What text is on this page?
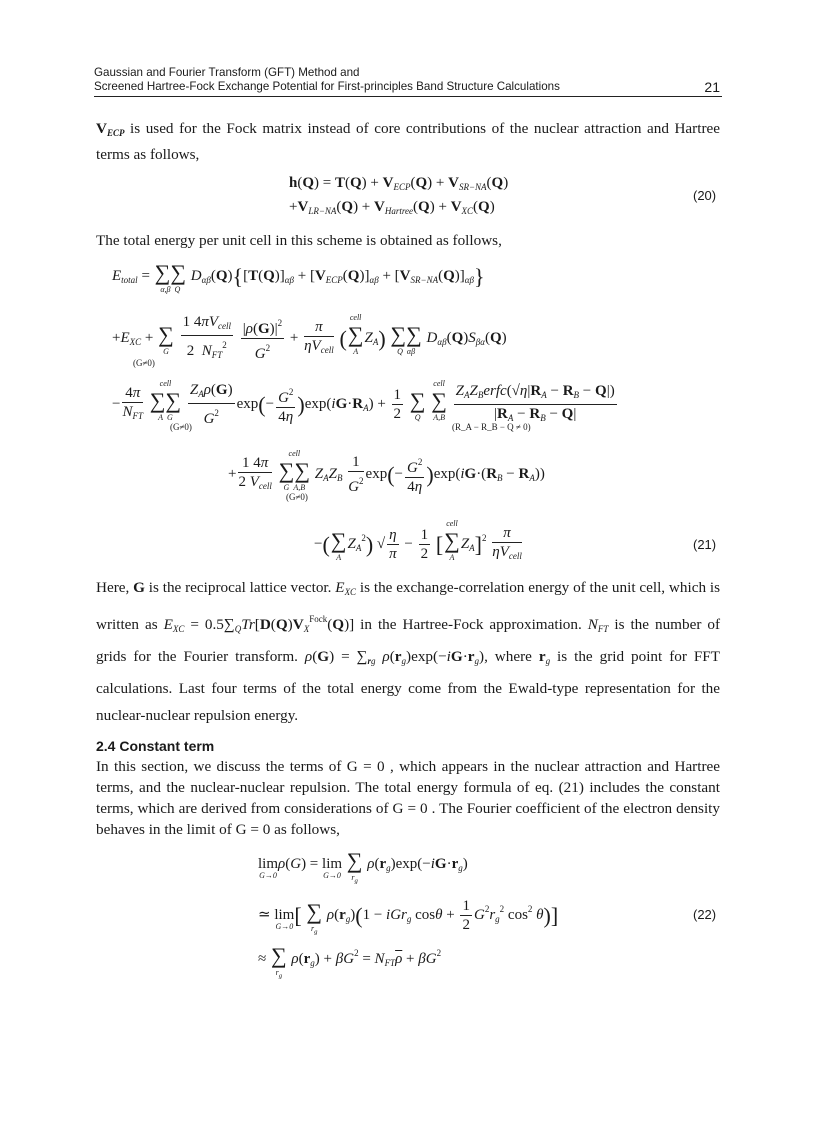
Gaussian and Fourier Transform (GFT) Method and
Screened Hartree-Fock Exchange Potential for First-principles Band Structure Calculations	21
$V_{ECP}$ is used for the Fock matrix instead of core contributions of the nuclear attraction and Hartree terms as follows,
$h(Q) = T(Q) + V_{ECP}(Q) + V_{SR-NA}(Q)$
$+V_{LR-NA}(Q) + V_{Hartree}(Q) + V_{XC}(Q)$
(20)
The total energy per unit cell in this scheme is obtained as follows,
$E_{total}$ = ∑∑
α,β  Q
$D_{\alpha\beta}(Q)\{[T(Q)]_{\alpha\beta} + [V_{ECP}(Q)]_{\alpha\beta} + [V_{SR-NA}(Q)]_{\alpha\beta}\}$
$+E_{XC}$ + ∑
G
$\frac{1 4\pi V_{cell}}{2 N_{FT}^2}$
$\frac{|\rho(G)|^2}{G^2} + \frac{\pi}{\eta V_{cell}}$ (
cell
∑
A
$Z_A$) ∑∑
Q  αβ
$D_{\alpha\beta}(Q)S_{\beta\alpha}(Q)$
(G≠0)
− $\frac{4\pi}{N_{FT}}$

cell
∑∑
A  G
	$\frac{Z_A\rho(G)}{G^2} \exp(- \frac{G^2}{4\eta} )\exp(iG\cdot R_A) + \frac{1}{2}$
∑
Q

cell
∑
A,B
$\frac{Z_AZ_Berfc(√\eta|R_A - R_B - Q|)}{|R_A - R_B - Q|}$
(G≠0)	(R_A − R_B − Q ≠ 0)
+ $\frac{1 4\pi}{2 V_{cell}}$

cell
∑∑
G  A,B
$Z_AZ_B \frac{1}{G^2} \exp(- \frac{G^2}{4\eta} )\exp(iG\cdot(R_B - R_A))$
(G≠0)
−( ∑
A
$Z_A^2$) √ $\frac{\eta}{\pi} - \frac{1}{2}$ [
cell
∑
A
$Z_A]^2 \frac{\pi}{\eta V_{cell}}$	(21)
Here, G is the reciprocal lattice vector. $E_{XC}$ is the exchange-correlation energy of the unit cell, which is written as $E_{XC} = 0.5\sum_QTr[D(Q)V_X^{Fock}(Q)]$ in the Hartree-Fock approximation. $N_{FT}$ is the number of grids for the Fourier transform. $\rho(G) = \sum_{rg}$ $\rho(r_g)\exp(-iG\cdot r_g)$, where $r_g$ is the grid point for FFT calculations. Last four terms of the total energy come from the Ewald-type representation for the nuclear-nuclear repulsion energy.
2.4 Constant term
In this section, we discuss the terms of G = 0 , which appears in the nuclear attraction and Hartree terms, and the nuclear-nuclear repulsion. The total energy formula of eq. (21) includes the constant terms, which are derived from considerations of G = 0 . The Fourier coefficient of the electron density behaves in the limit of G = 0 as follows,
lim
G→0
ρ(G) = lim
G→0

∑
$r_g$
$\rho(r_g)\exp(-iG\cdot r_g)$
≃ lim
G→0 [ ∑
$r_g$
$\rho(r_g)(1 - iGr_g$ $\cos\theta + \frac{1}{2} G^2r_g^2$ $\cos^2 \theta$)]	(22)
≈ ∑
$r_g$
$\rho(r_g) + \beta G^2 = N_{FT}\overline{\rho} + \beta G^2$
